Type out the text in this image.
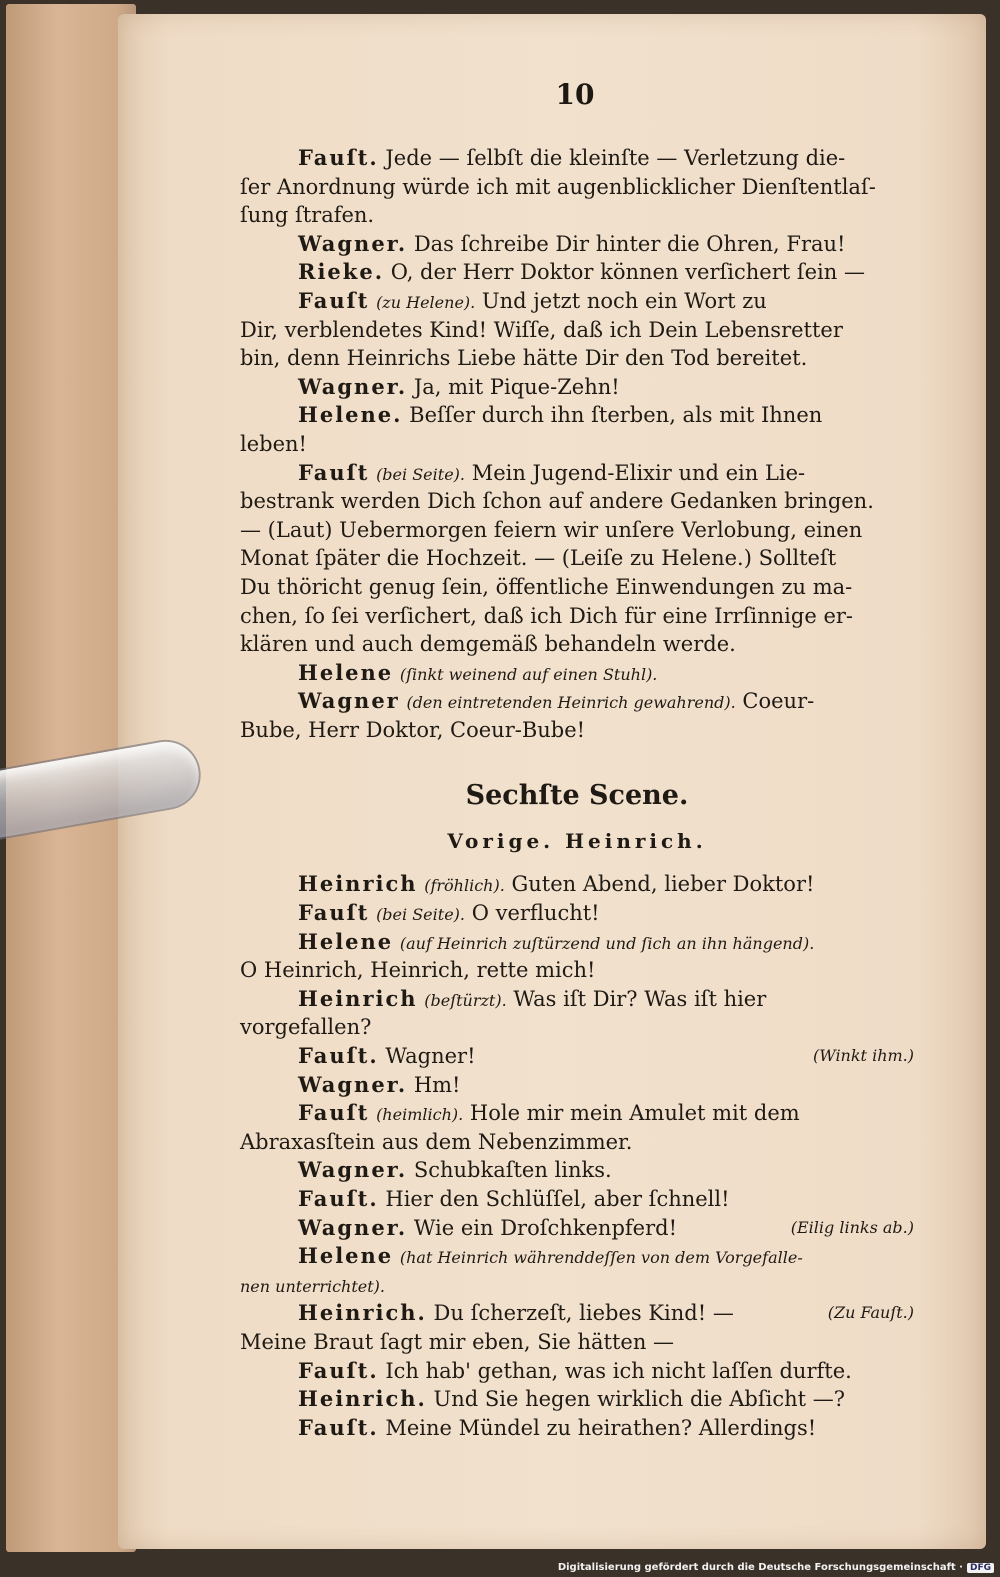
10
Fauſt. Jede — ſelbſt die kleinſte — Verletzung die-
ſer Anordnung würde ich mit augenblicklicher Dienſtentlaſ-
ſung ſtrafen.
Wagner. Das ſchreibe Dir hinter die Ohren, Frau!
Rieke. O, der Herr Doktor können verſichert ſein —
Fauſt (zu Helene). Und jetzt noch ein Wort zu
Dir, verblendetes Kind! Wiſſe, daß ich Dein Lebensretter
bin, denn Heinrichs Liebe hätte Dir den Tod bereitet.
Wagner. Ja, mit Pique-Zehn!
Helene. Beſſer durch ihn ſterben, als mit Ihnen
leben!
Fauſt (bei Seite). Mein Jugend-Elixir und ein Lie-
bestrank werden Dich ſchon auf andere Gedanken bringen.
— (Laut) Uebermorgen feiern wir unſere Verlobung, einen
Monat ſpäter die Hochzeit. — (Leiſe zu Helene.) Sollteſt
Du thöricht genug ſein, öffentliche Einwendungen zu ma-
chen, ſo ſei verſichert, daß ich Dich für eine Irrſinnige er-
klären und auch demgemäß behandeln werde.
Helene (ſinkt weinend auf einen Stuhl).
Wagner (den eintretenden Heinrich gewahrend). Coeur-
Bube, Herr Doktor, Coeur-Bube!
Sechſte Scene.
Vorige. Heinrich.
Heinrich (fröhlich). Guten Abend, lieber Doktor!
Fauſt (bei Seite). O verflucht!
Helene (auf Heinrich zuſtürzend und ſich an ihn hängend).
O Heinrich, Heinrich, rette mich!
Heinrich (beſtürzt). Was iſt Dir? Was iſt hier
vorgefallen?
Fauſt. Wagner!	(Winkt ihm.)
Wagner. Hm!
Fauſt (heimlich). Hole mir mein Amulet mit dem
Abraxasſtein aus dem Nebenzimmer.
Wagner. Schubkaſten links.
Fauſt. Hier den Schlüſſel, aber ſchnell!
Wagner. Wie ein Droſchkenpferd!	(Eilig links ab.)
Helene (hat Heinrich währenddeſſen von dem Vorgefalle-
nen unterrichtet).
Heinrich. Du ſcherzeſt, liebes Kind! —	(Zu Fauſt.)
Meine Braut ſagt mir eben, Sie hätten —
Fauſt. Ich hab' gethan, was ich nicht laſſen durfte.
Heinrich. Und Sie hegen wirklich die Abſicht —?
Fauſt. Meine Mündel zu heirathen? Allerdings!
Digitalisierung gefördert durch die Deutsche Forschungsgemeinschaft · DFG
